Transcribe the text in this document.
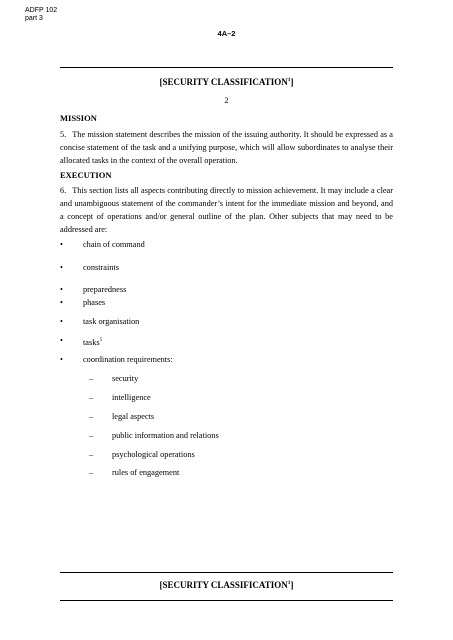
ADFP 102
part 3
4A–2
[SECURITY CLASSIFICATION$^1$]
2
MISSION
5. The mission statement describes the mission of the issuing authority. It should be expressed as a concise statement of the task and a unifying purpose, which will allow subordinates to analyse their allocated tasks in the context of the overall operation.
EXECUTION
6. This section lists all aspects contributing directly to mission achievement. It may include a clear and unambiguous statement of the commander’s intent for the immediate mission and beyond, and a concept of operations and/or general outline of the plan. Other subjects that may need to be addressed are:
• chain of command
• constraints
• preparedness
• phases
• task organisation
• tasks$^5$
• coordination requirements:
– security
– intelligence
– legal aspects
– public information and relations
– psychological operations
– rules of engagement
[SECURITY CLASSIFICATION$^1$]
